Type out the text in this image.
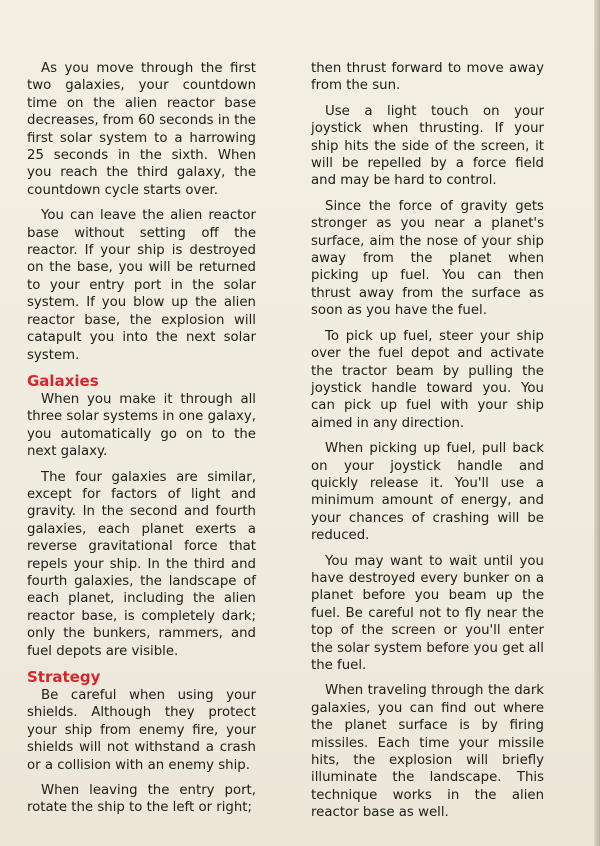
As you move through the first two galaxies, your countdown time on the alien reactor base decreases, from 60 seconds in the first solar system to a harrowing 25 seconds in the sixth. When you reach the third galaxy, the countdown cycle starts over.

You can leave the alien reactor base without setting off the reactor. If your ship is destroyed on the base, you will be returned to your entry port in the solar system. If you blow up the alien reactor base, the explosion will catapult you into the next solar system.

Galaxies

When you make it through all three solar systems in one galaxy, you automatically go on to the next galaxy.

The four galaxies are similar, except for factors of light and gravity. In the second and fourth galaxies, each planet exerts a reverse gravitational force that repels your ship. In the third and fourth galaxies, the landscape of each planet, including the alien reactor base, is completely dark; only the bunkers, rammers, and fuel depots are visible.

Strategy

Be careful when using your shields. Although they protect your ship from enemy fire, your shields will not withstand a crash or a collision with an enemy ship.

When leaving the entry port, rotate the ship to the left or right;

then thrust forward to move away from the sun.

Use a light touch on your joystick when thrusting. If your ship hits the side of the screen, it will be repelled by a force field and may be hard to control.

Since the force of gravity gets stronger as you near a planet's surface, aim the nose of your ship away from the planet when picking up fuel. You can then thrust away from the surface as soon as you have the fuel.

To pick up fuel, steer your ship over the fuel depot and activate the tractor beam by pulling the joystick handle toward you. You can pick up fuel with your ship aimed in any direction.

When picking up fuel, pull back on your joystick handle and quickly release it. You'll use a minimum amount of energy, and your chances of crashing will be reduced.

You may want to wait until you have destroyed every bunker on a planet before you beam up the fuel. Be careful not to fly near the top of the screen or you'll enter the solar system before you get all the fuel.

When traveling through the dark galaxies, you can find out where the planet surface is by firing missiles. Each time your missile hits, the explosion will briefly illuminate the landscape. This technique works in the alien reactor base as well.
